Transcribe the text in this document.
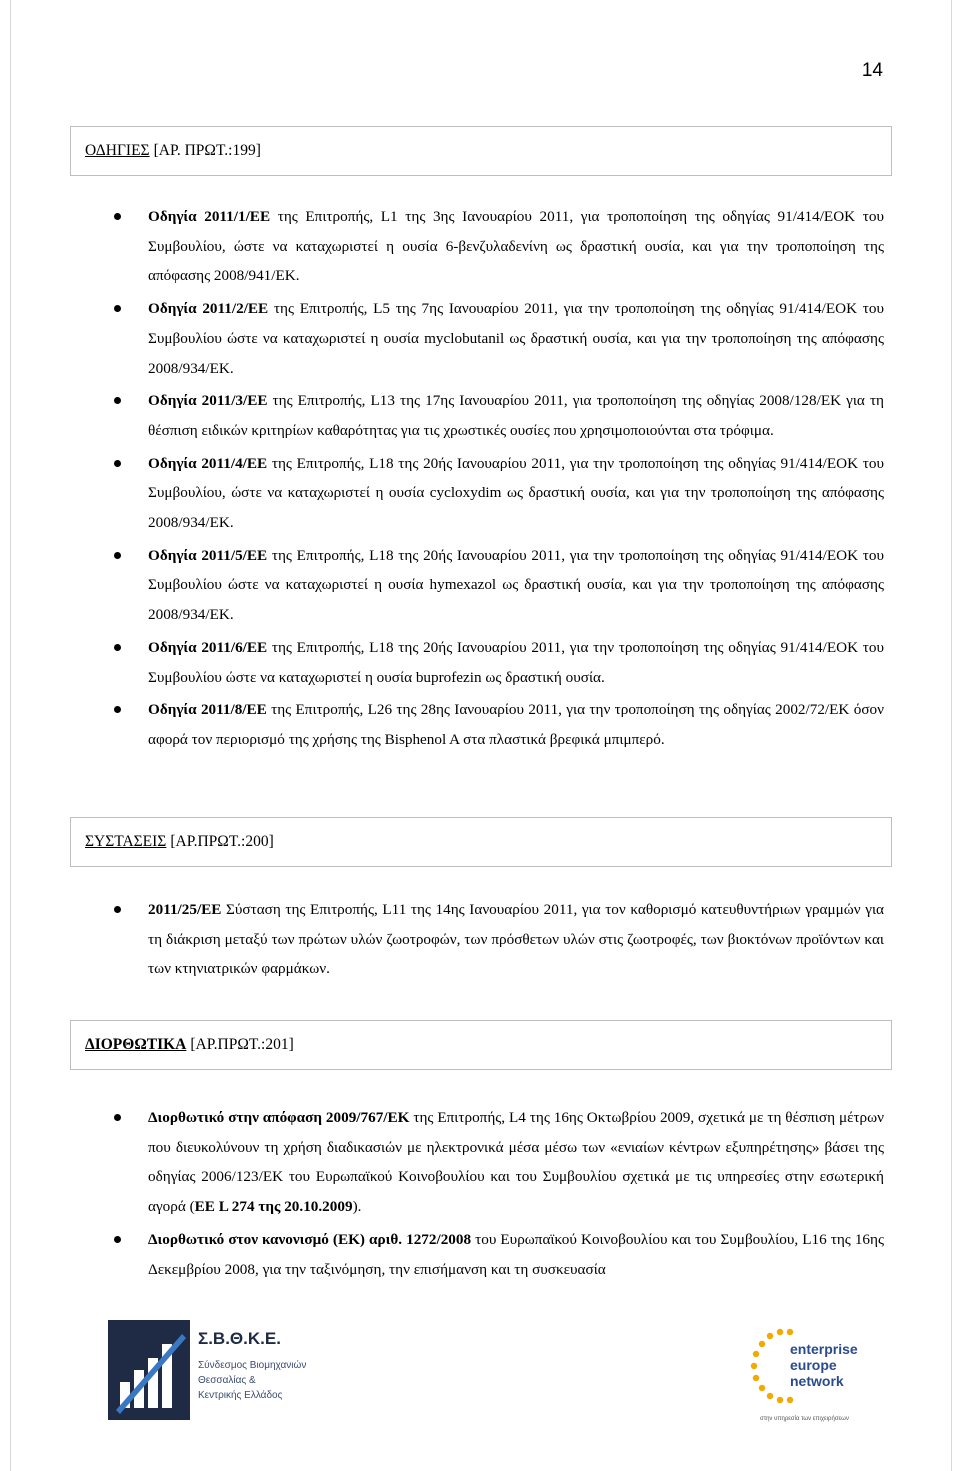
14
ΟΔΗΓΙΕΣ [ΑΡ. ΠΡΩΤ.:199]
Οδηγία 2011/1/ΕΕ της Επιτροπής, L1 της 3ης Ιανουαρίου 2011, για τροποποίηση της οδηγίας 91/414/ΕΟΚ του Συμβουλίου, ώστε να καταχωριστεί η ουσία 6-βενζυλαδενίνη ως δραστική ουσία, και για την τροποποίηση της απόφασης 2008/941/ΕΚ.
Οδηγία 2011/2/ΕΕ της Επιτροπής, L5 της 7ης Ιανουαρίου 2011, για την τροποποίηση της οδηγίας 91/414/ΕΟΚ του Συμβουλίου ώστε να καταχωριστεί η ουσία myclobutanil ως δραστική ουσία, και για την τροποποίηση της απόφασης 2008/934/ΕΚ.
Οδηγία 2011/3/ΕΕ της Επιτροπής, L13 της 17ης Ιανουαρίου 2011, για τροποποίηση της οδηγίας 2008/128/ΕΚ για τη θέσπιση ειδικών κριτηρίων καθαρότητας για τις χρωστικές ουσίες που χρησιμοποιούνται στα τρόφιμα.
Οδηγία 2011/4/ΕΕ της Επιτροπής, L18 της 20ής Ιανουαρίου 2011, για την τροποποίηση της οδηγίας 91/414/ΕΟΚ του Συμβουλίου, ώστε να καταχωριστεί η ουσία cycloxydim ως δραστική ουσία, και για την τροποποίηση της απόφασης 2008/934/ΕΚ.
Οδηγία 2011/5/ΕΕ της Επιτροπής, L18 της 20ής Ιανουαρίου 2011, για την τροποποίηση της οδηγίας 91/414/ΕΟΚ του Συμβουλίου ώστε να καταχωριστεί η ουσία hymexazol ως δραστική ουσία, και για την τροποποίηση της απόφασης 2008/934/ΕΚ.
Οδηγία 2011/6/ΕΕ της Επιτροπής, L18 της 20ής Ιανουαρίου 2011, για την τροποποίηση της οδηγίας 91/414/ΕΟΚ του Συμβουλίου ώστε να καταχωριστεί η ουσία buprofezin ως δραστική ουσία.
Οδηγία 2011/8/ΕΕ της Επιτροπής, L26 της 28ης Ιανουαρίου 2011, για την τροποποίηση της οδηγίας 2002/72/ΕΚ όσον αφορά τον περιορισμό της χρήσης της Bisphenol A στα πλαστικά βρεφικά μπιμπερό.
ΣΥΣΤΑΣΕΙΣ [ΑΡ.ΠΡΩΤ.:200]
2011/25/ΕΕ Σύσταση της Επιτροπής, L11 της 14ης Ιανουαρίου 2011, για τον καθορισμό κατευθυντήριων γραμμών για τη διάκριση μεταξύ των πρώτων υλών ζωοτροφών, των πρόσθετων υλών στις ζωοτροφές, των βιοκτόνων προϊόντων και των κτηνιατρικών φαρμάκων.
ΔΙΟΡΘΩΤΙΚΑ [ΑΡ.ΠΡΩΤ.:201]
Διορθωτικό στην απόφαση 2009/767/ΕΚ της Επιτροπής, L4 της 16ης Οκτωβρίου 2009, σχετικά με τη θέσπιση μέτρων που διευκολύνουν τη χρήση διαδικασιών με ηλεκτρονικά μέσα μέσω των «ενιαίων κέντρων εξυπηρέτησης» βάσει της οδηγίας 2006/123/ΕΚ του Ευρωπαϊκού Κοινοβουλίου και του Συμβουλίου σχετικά με τις υπηρεσίες στην εσωτερική αγορά (ΕΕ L 274 της 20.10.2009).
Διορθωτικό στον κανονισμό (ΕΚ) αριθ. 1272/2008 του Ευρωπαϊκού Κοινοβουλίου και του Συμβουλίου, L16 της 16ης Δεκεμβρίου 2008, για την ταξινόμηση, την επισήμανση και τη συσκευασία
Σ.Β.Θ.Κ.Ε.
Σύνδεσμος Βιομηχανιών
Θεσσαλίας &
Κεντρικής Ελλάδος
enterprise
europe
network
στην υπηρεσία των επιχειρήσεων
